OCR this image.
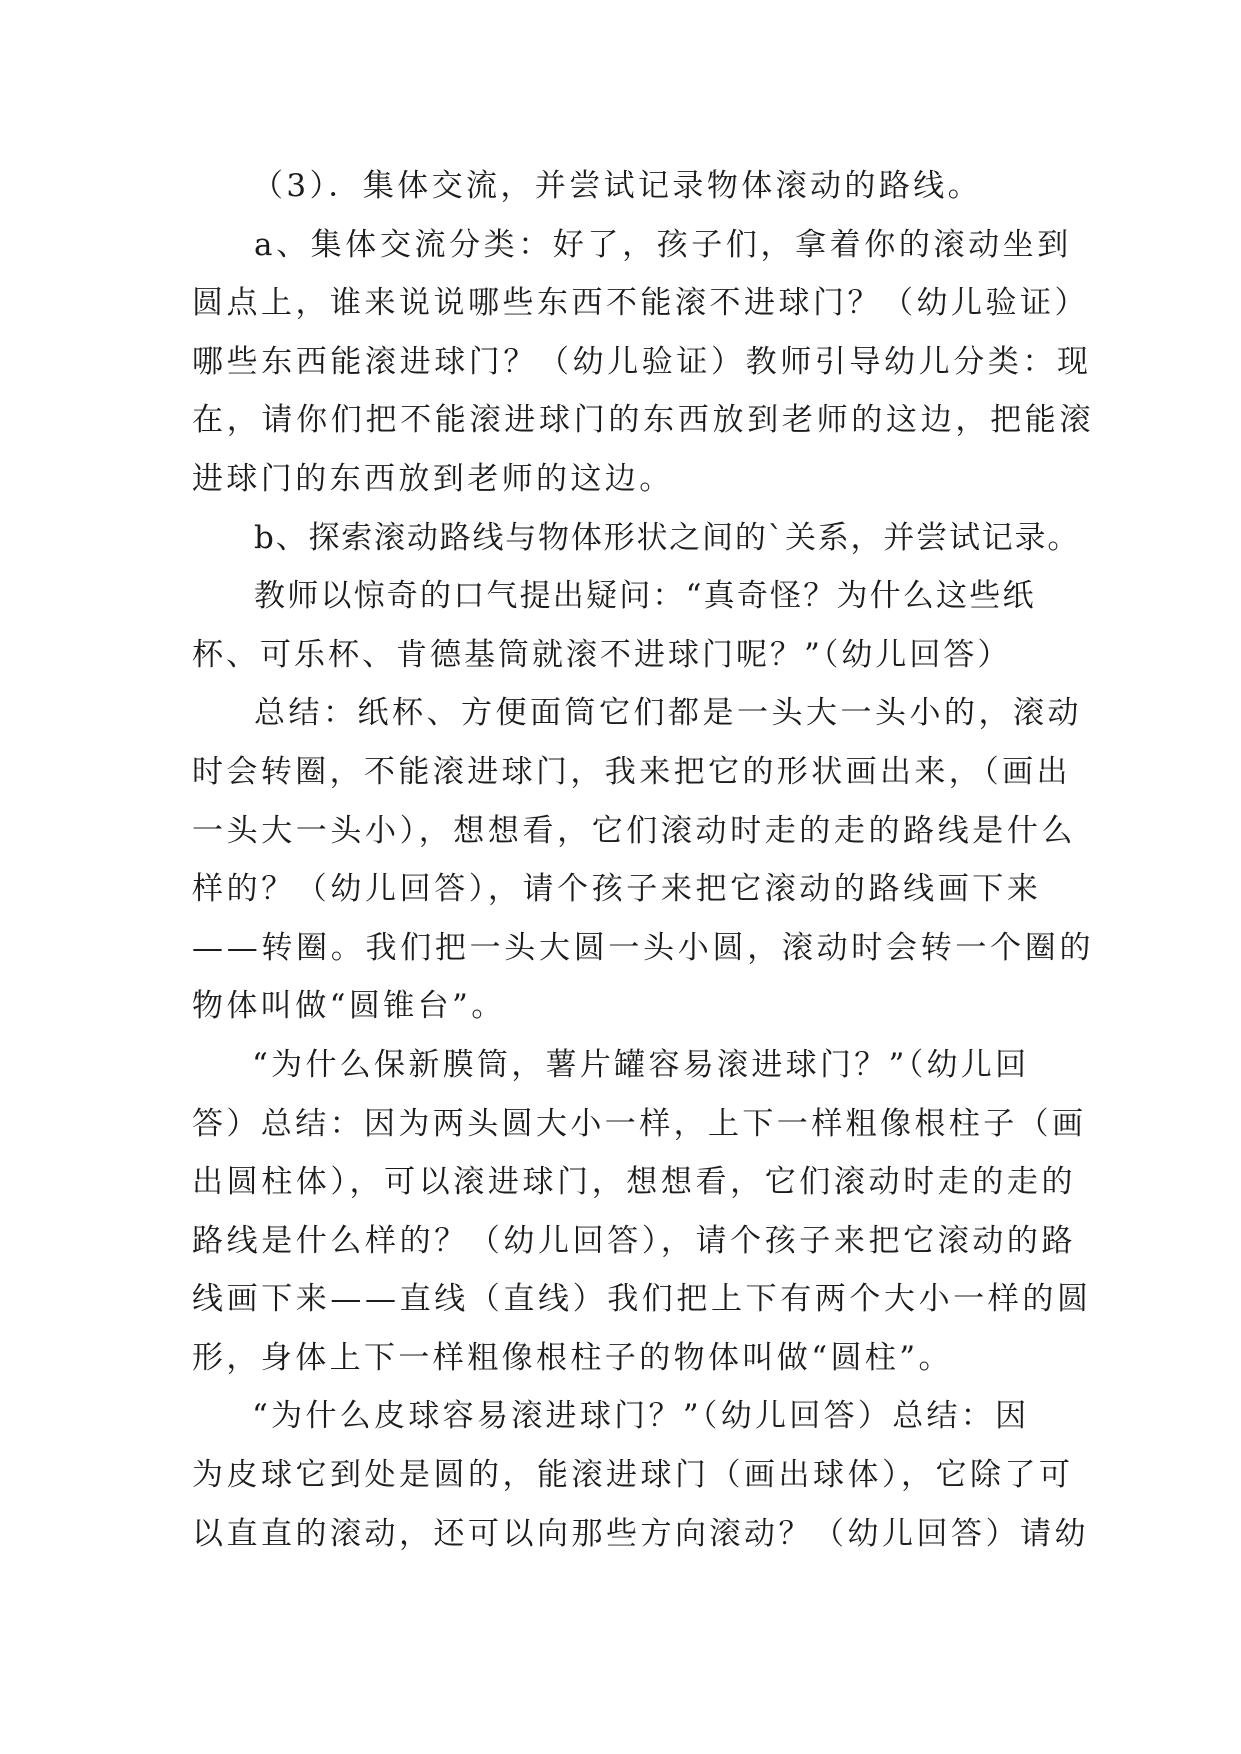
（3）．集体交流，并尝试记录物体滚动的路线。
a、集体交流分类：好了，孩子们，拿着你的滚动坐到
圆点上，谁来说说哪些东西不能滚不进球门？（幼儿验证）
哪些东西能滚进球门？（幼儿验证）教师引导幼儿分类：现
在，请你们把不能滚进球门的东西放到老师的这边，把能滚
进球门的东西放到老师的这边。
b、探索滚动路线与物体形状之间的`关系，并尝试记录。
教师以惊奇的口气提出疑问：“真奇怪？为什么这些纸
杯、可乐杯、肯德基筒就滚不进球门呢？”（幼儿回答）
总结：纸杯、方便面筒它们都是一头大一头小的，滚动
时会转圈，不能滚进球门，我来把它的形状画出来，（画出
一头大一头小），想想看，它们滚动时走的走的路线是什么
样的？（幼儿回答），请个孩子来把它滚动的路线画下来
——转圈。我们把一头大圆一头小圆，滚动时会转一个圈的
物体叫做“圆锥台”。
“为什么保新膜筒，薯片罐容易滚进球门？”（幼儿回
答）总结：因为两头圆大小一样，上下一样粗像根柱子（画
出圆柱体），可以滚进球门，想想看，它们滚动时走的走的
路线是什么样的？（幼儿回答），请个孩子来把它滚动的路
线画下来——直线（直线）我们把上下有两个大小一样的圆
形，身体上下一样粗像根柱子的物体叫做“圆柱”。
“为什么皮球容易滚进球门？”（幼儿回答）总结：因
为皮球它到处是圆的，能滚进球门（画出球体），它除了可
以直直的滚动，还可以向那些方向滚动？（幼儿回答）请幼
